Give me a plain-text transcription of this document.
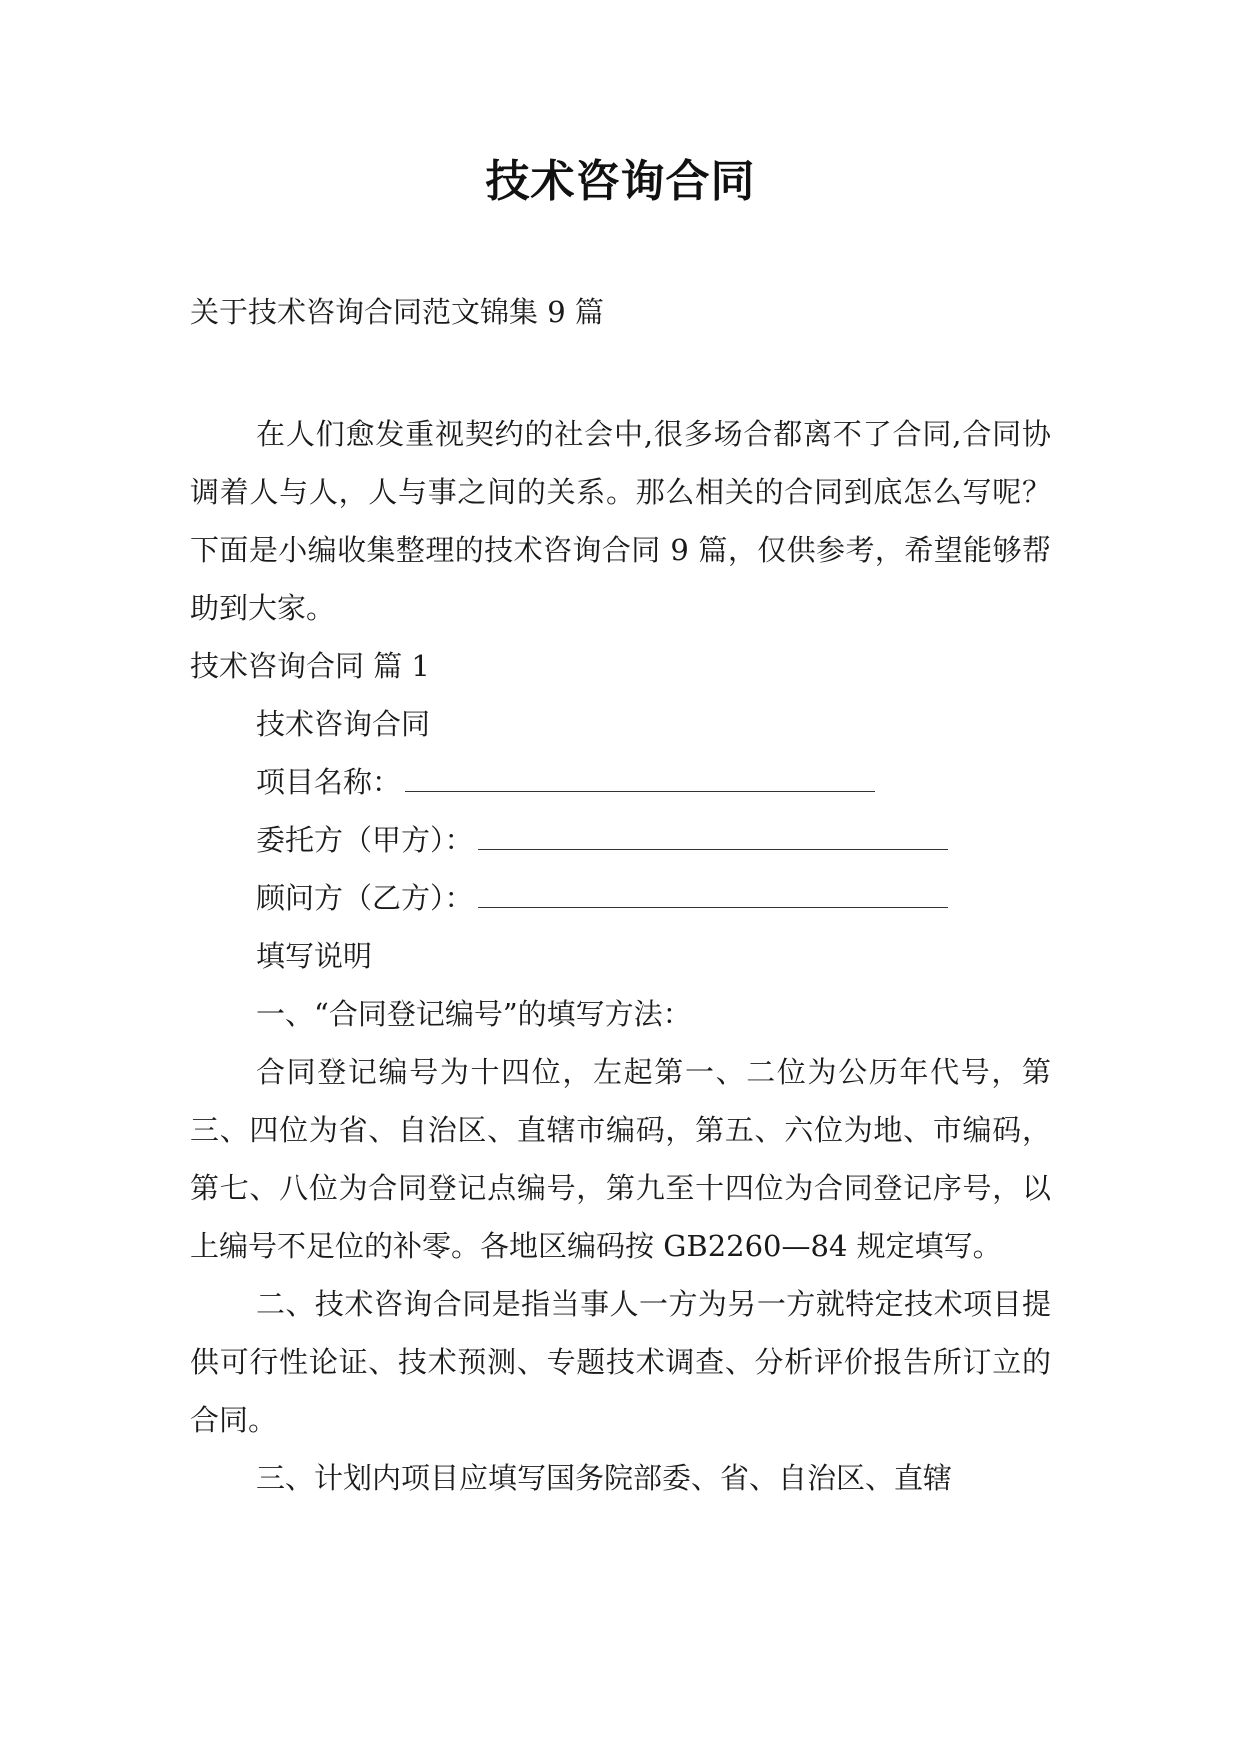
技术咨询合同

关于技术咨询合同范文锦集 9 篇

在人们愈发重视契约的社会中,很多场合都离不了合同,合同协调着人与人，人与事之间的关系。那么相关的合同到底怎么写呢？下面是小编收集整理的技术咨询合同 9 篇，仅供参考，希望能够帮助到大家。

技术咨询合同 篇 1

技术咨询合同

项目名称：

委托方（甲方）：

顾问方（乙方）：

填写说明

一、“合同登记编号”的填写方法：

合同登记编号为十四位，左起第一、二位为公历年代号，第三、四位为省、自治区、直辖市编码，第五、六位为地、市编码，第七、八位为合同登记点编号，第九至十四位为合同登记序号，以上编号不足位的补零。各地区编码按 GB2260—84 规定填写。

二、技术咨询合同是指当事人一方为另一方就特定技术项目提供可行性论证、技术预测、专题技术调查、分析评价报告所订立的合同。

三、计划内项目应填写国务院部委、省、自治区、直辖
